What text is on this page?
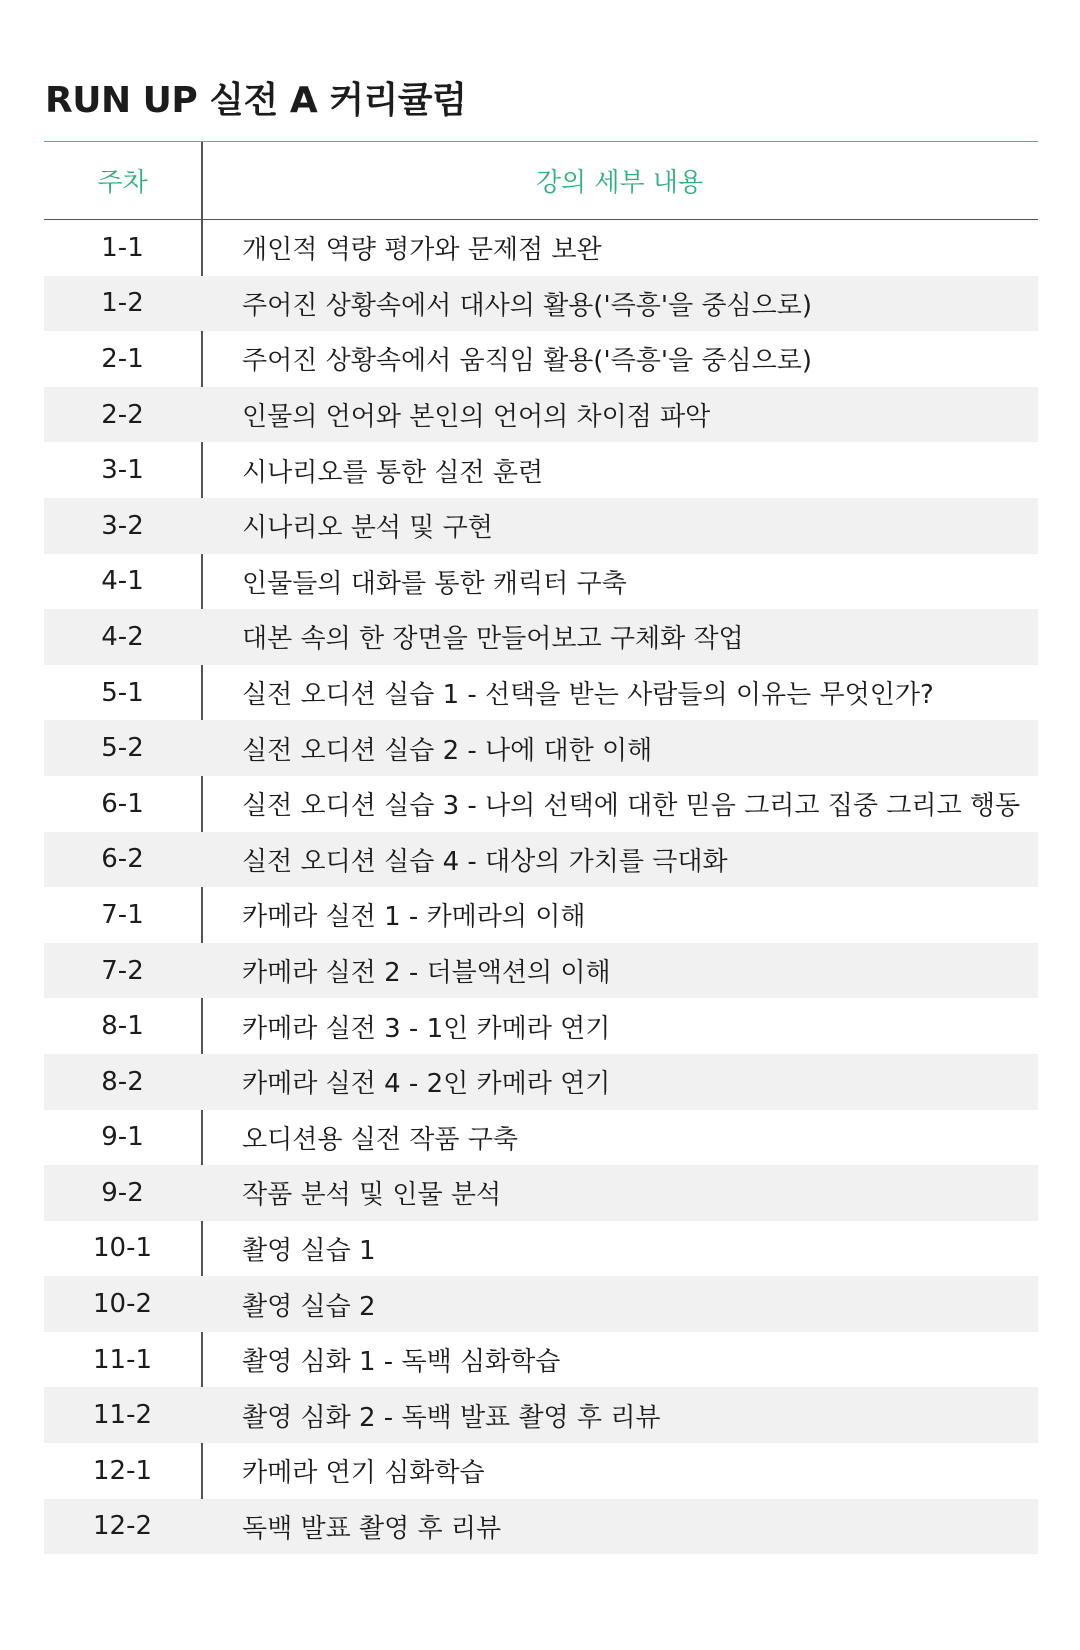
RUN UP 실전 A 커리큘럼
주차	강의 세부 내용
1-1	개인적 역량 평가와 문제점 보완
1-2	주어진 상황속에서 대사의 활용('즉흥'을 중심으로)
2-1	주어진 상황속에서 움직임 활용('즉흥'을 중심으로)
2-2	인물의 언어와 본인의 언어의 차이점 파악
3-1	시나리오를 통한 실전 훈련
3-2	시나리오 분석 및 구현
4-1	인물들의 대화를 통한 캐릭터 구축
4-2	대본 속의 한 장면을 만들어보고 구체화 작업
5-1	실전 오디션 실습 1 - 선택을 받는 사람들의 이유는 무엇인가?
5-2	실전 오디션 실습 2 - 나에 대한 이해
6-1	실전 오디션 실습 3 - 나의 선택에 대한 믿음 그리고 집중 그리고 행동
6-2	실전 오디션 실습 4 - 대상의 가치를 극대화
7-1	카메라 실전 1 - 카메라의 이해
7-2	카메라 실전 2 - 더블액션의 이해
8-1	카메라 실전 3 - 1인 카메라 연기
8-2	카메라 실전 4 - 2인 카메라 연기
9-1	오디션용 실전 작품 구축
9-2	작품 분석 및 인물 분석
10-1	촬영 실습 1
10-2	촬영 실습 2
11-1	촬영 심화 1 - 독백 심화학습
11-2	촬영 심화 2 - 독백 발표 촬영 후 리뷰
12-1	카메라 연기 심화학습
12-2	독백 발표 촬영 후 리뷰
